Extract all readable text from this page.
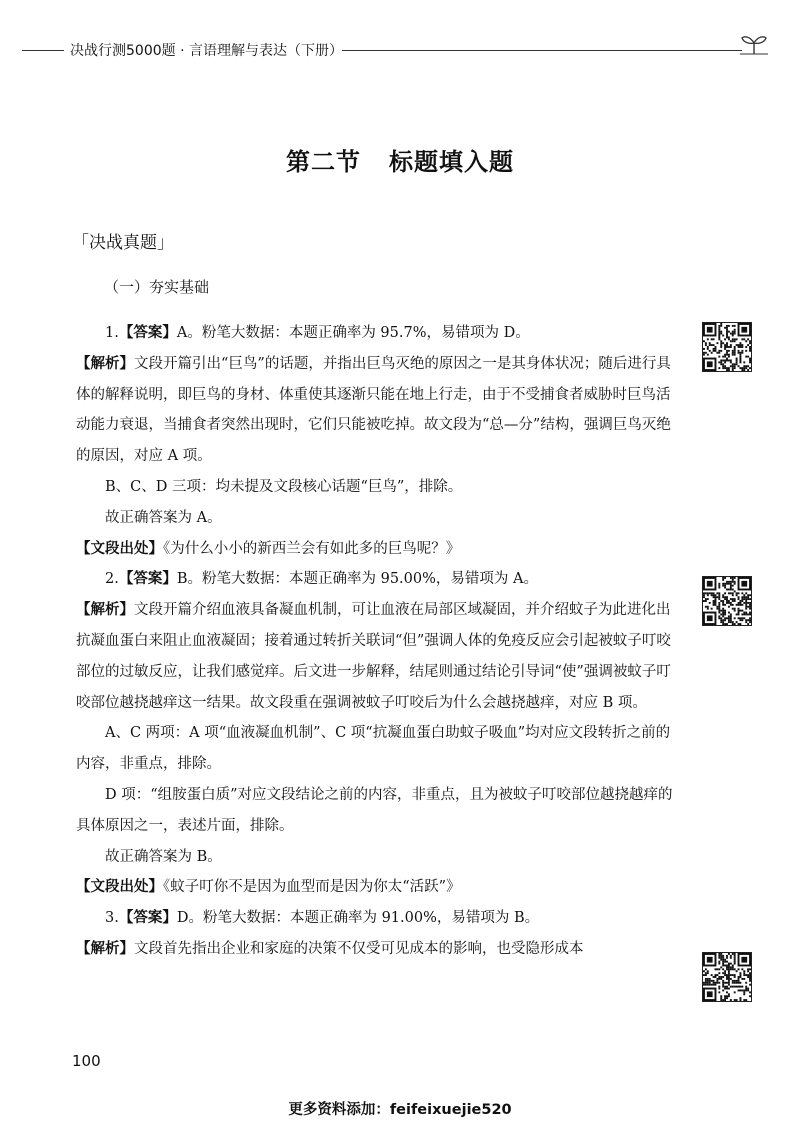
决战行测5000题 · 言语理解与表达（下册）
第二节 标题填入题
「决战真题」
（一）夯实基础

1.【答案】A。粉笔大数据：本题正确率为 95.7%，易错项为 D。

【解析】文段开篇引出“巨鸟”的话题，并指出巨鸟灭绝的原因之一是其身体状况；随后进行具体的解释说明，即巨鸟的身材、体重使其逐渐只能在地上行走，由于不受捕食者威胁时巨鸟活动能力衰退，当捕食者突然出现时，它们只能被吃掉。故文段为“总—分”结构，强调巨鸟灭绝的原因，对应 A 项。

B、C、D 三项：均未提及文段核心话题“巨鸟”，排除。

故正确答案为 A。

【文段出处】《为什么小小的新西兰会有如此多的巨鸟呢？》

2.【答案】B。粉笔大数据：本题正确率为 95.00%，易错项为 A。

【解析】文段开篇介绍血液具备凝血机制，可让血液在局部区域凝固，并介绍蚊子为此进化出抗凝血蛋白来阻止血液凝固；接着通过转折关联词“但”强调人体的免疫反应会引起被蚊子叮咬部位的过敏反应，让我们感觉痒。后文进一步解释，结尾则通过结论引导词“使”强调被蚊子叮咬部位越挠越痒这一结果。故文段重在强调被蚊子叮咬后为什么会越挠越痒，对应 B 项。

A、C 两项：A 项“血液凝血机制”、C 项“抗凝血蛋白助蚊子吸血”均对应文段转折之前的内容，非重点，排除。

D 项：“组胺蛋白质”对应文段结论之前的内容，非重点，且为被蚊子叮咬部位越挠越痒的具体原因之一，表述片面，排除。

故正确答案为 B。

【文段出处】《蚊子叮你不是因为血型而是因为你太“活跃”》

3.【答案】D。粉笔大数据：本题正确率为 91.00%，易错项为 B。

【解析】文段首先指出企业和家庭的决策不仅受可见成本的影响，也受隐形成本

100
更多资料添加：feifeixuejie520
